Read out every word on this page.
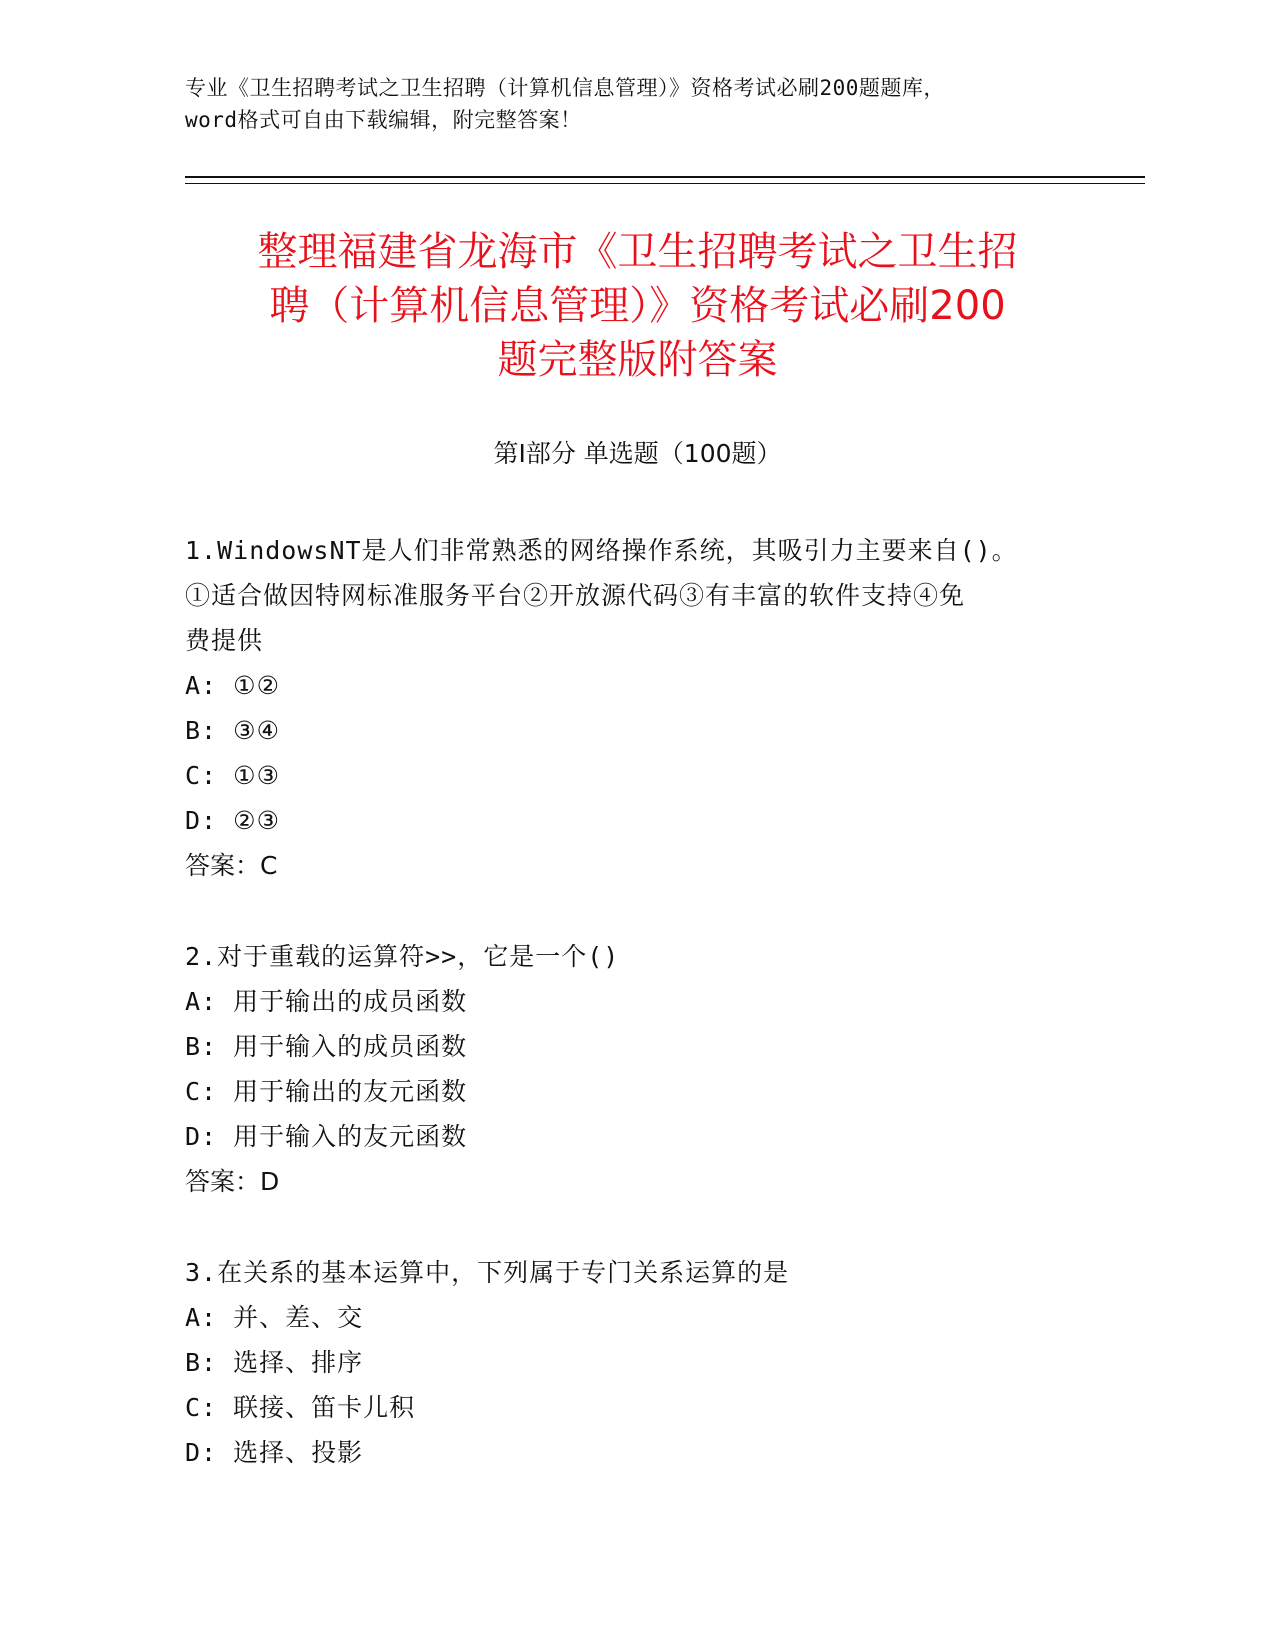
专业《卫生招聘考试之卫生招聘（计算机信息管理）》资格考试必刷200题题库，
word格式可自由下载编辑，附完整答案！
整理福建省龙海市《卫生招聘考试之卫生招
聘（计算机信息管理）》资格考试必刷200
题完整版附答案
第Ⅰ部分 单选题（100题）
1.WindowsNT是人们非常熟悉的网络操作系统，其吸引力主要来自()。
①适合做因特网标准服务平台②开放源代码③有丰富的软件支持④免
费提供
A: ①②
B: ③④
C: ①③
D: ②③
答案：C
2.对于重载的运算符>>，它是一个()
A: 用于输出的成员函数
B: 用于输入的成员函数
C: 用于输出的友元函数
D: 用于输入的友元函数
答案：D
3.在关系的基本运算中，下列属于专门关系运算的是
A: 并、差、交
B: 选择、排序
C: 联接、笛卡儿积
D: 选择、投影
